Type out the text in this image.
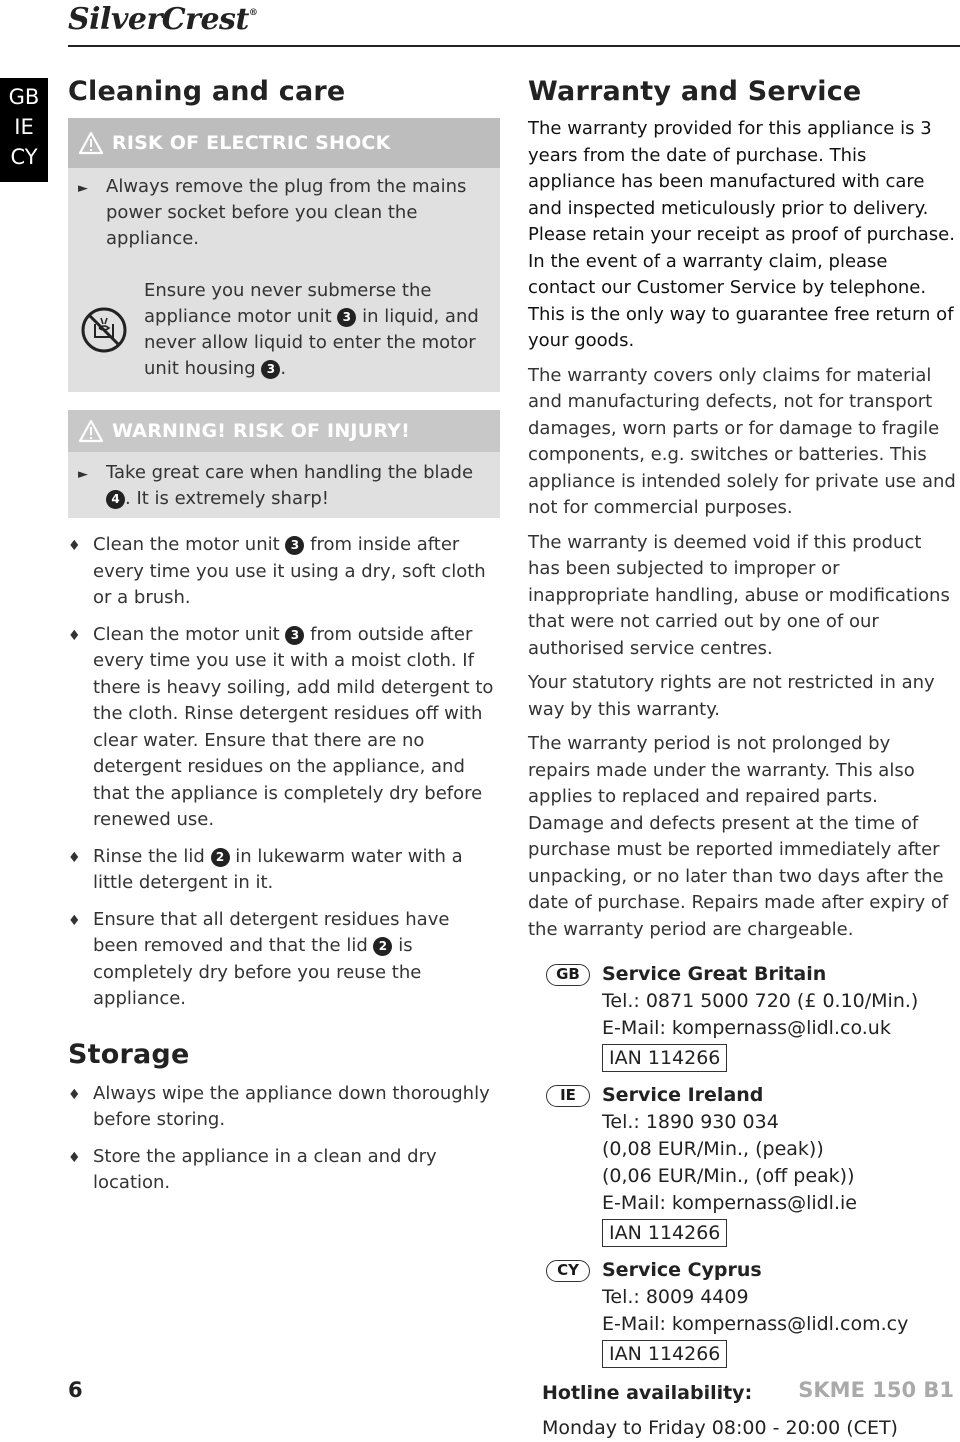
SilverCrest®
GB
IE
CY
Cleaning and care
RISK OF ELECTRIC SHOCK
►	Always remove the plug from the mains power socket before you clean the appliance.
Ensure you never submerse the appliance motor unit 3 in liquid, and never allow liquid to enter the motor unit housing 3 .
WARNING! RISK OF INJURY!
►	Take great care when handling the blade 4 . It is extremely sharp!
♦ Clean the motor unit 3 from inside after every time you use it using a dry, soft cloth or a brush.
♦ Clean the motor unit 3 from outside after every time you use it with a moist cloth. If there is heavy soiling, add mild detergent to the cloth. Rinse detergent residues off with clear water. Ensure that there are no detergent residues on the appliance, and that the appliance is completely dry before renewed use.
♦ Rinse the lid 2 in lukewarm water with a little detergent in it.
♦ Ensure that all detergent residues have been removed and that the lid 2 is completely dry before you reuse the appliance.
Storage
♦ Always wipe the appliance down thoroughly before storing.
♦ Store the appliance in a clean and dry location.
Warranty and Service

The warranty provided for this appliance is 3 years from the date of purchase. This appliance has been manufactured with care and inspected meticulously prior to delivery. Please retain your receipt as proof of purchase. In the event of a warranty claim, please contact our Customer Service by telephone. This is the only way to guarantee free return of your goods.

The warranty covers only claims for material and manufacturing defects, not for transport damages, worn parts or for damage to fragile components, e.g. switches or batteries. This appliance is intended solely for private use and not for commercial purposes.

The warranty is deemed void if this product has been subjected to improper or inappropriate handling, abuse or modifications that were not carried out by one of our authorised service centres.

Your statutory rights are not restricted in any way by this warranty.

The warranty period is not prolonged by repairs made under the warranty. This also applies to replaced and repaired parts. Damage and defects present at the time of purchase must be reported immediately after unpacking, or no later than two days after the date of purchase. Repairs made after expiry of the warranty period are chargeable.

GB	Service Great Britain
Tel.: 0871 5000 720 (£ 0.10/Min.)
E-Mail: kompernass@lidl.co.uk
IAN 114266
IE	Service Ireland
Tel.: 1890 930 034
(0,08 EUR/Min., (peak))
(0,06 EUR/Min., (off peak))
E-Mail: kompernass@lidl.ie
IAN 114266
CY	Service Cyprus
Tel.: 8009 4409
E-Mail: kompernass@lidl.com.cy
IAN 114266
Hotline availability:
Monday to Friday 08:00 - 20:00 (CET)
6	SKME 150 B1
